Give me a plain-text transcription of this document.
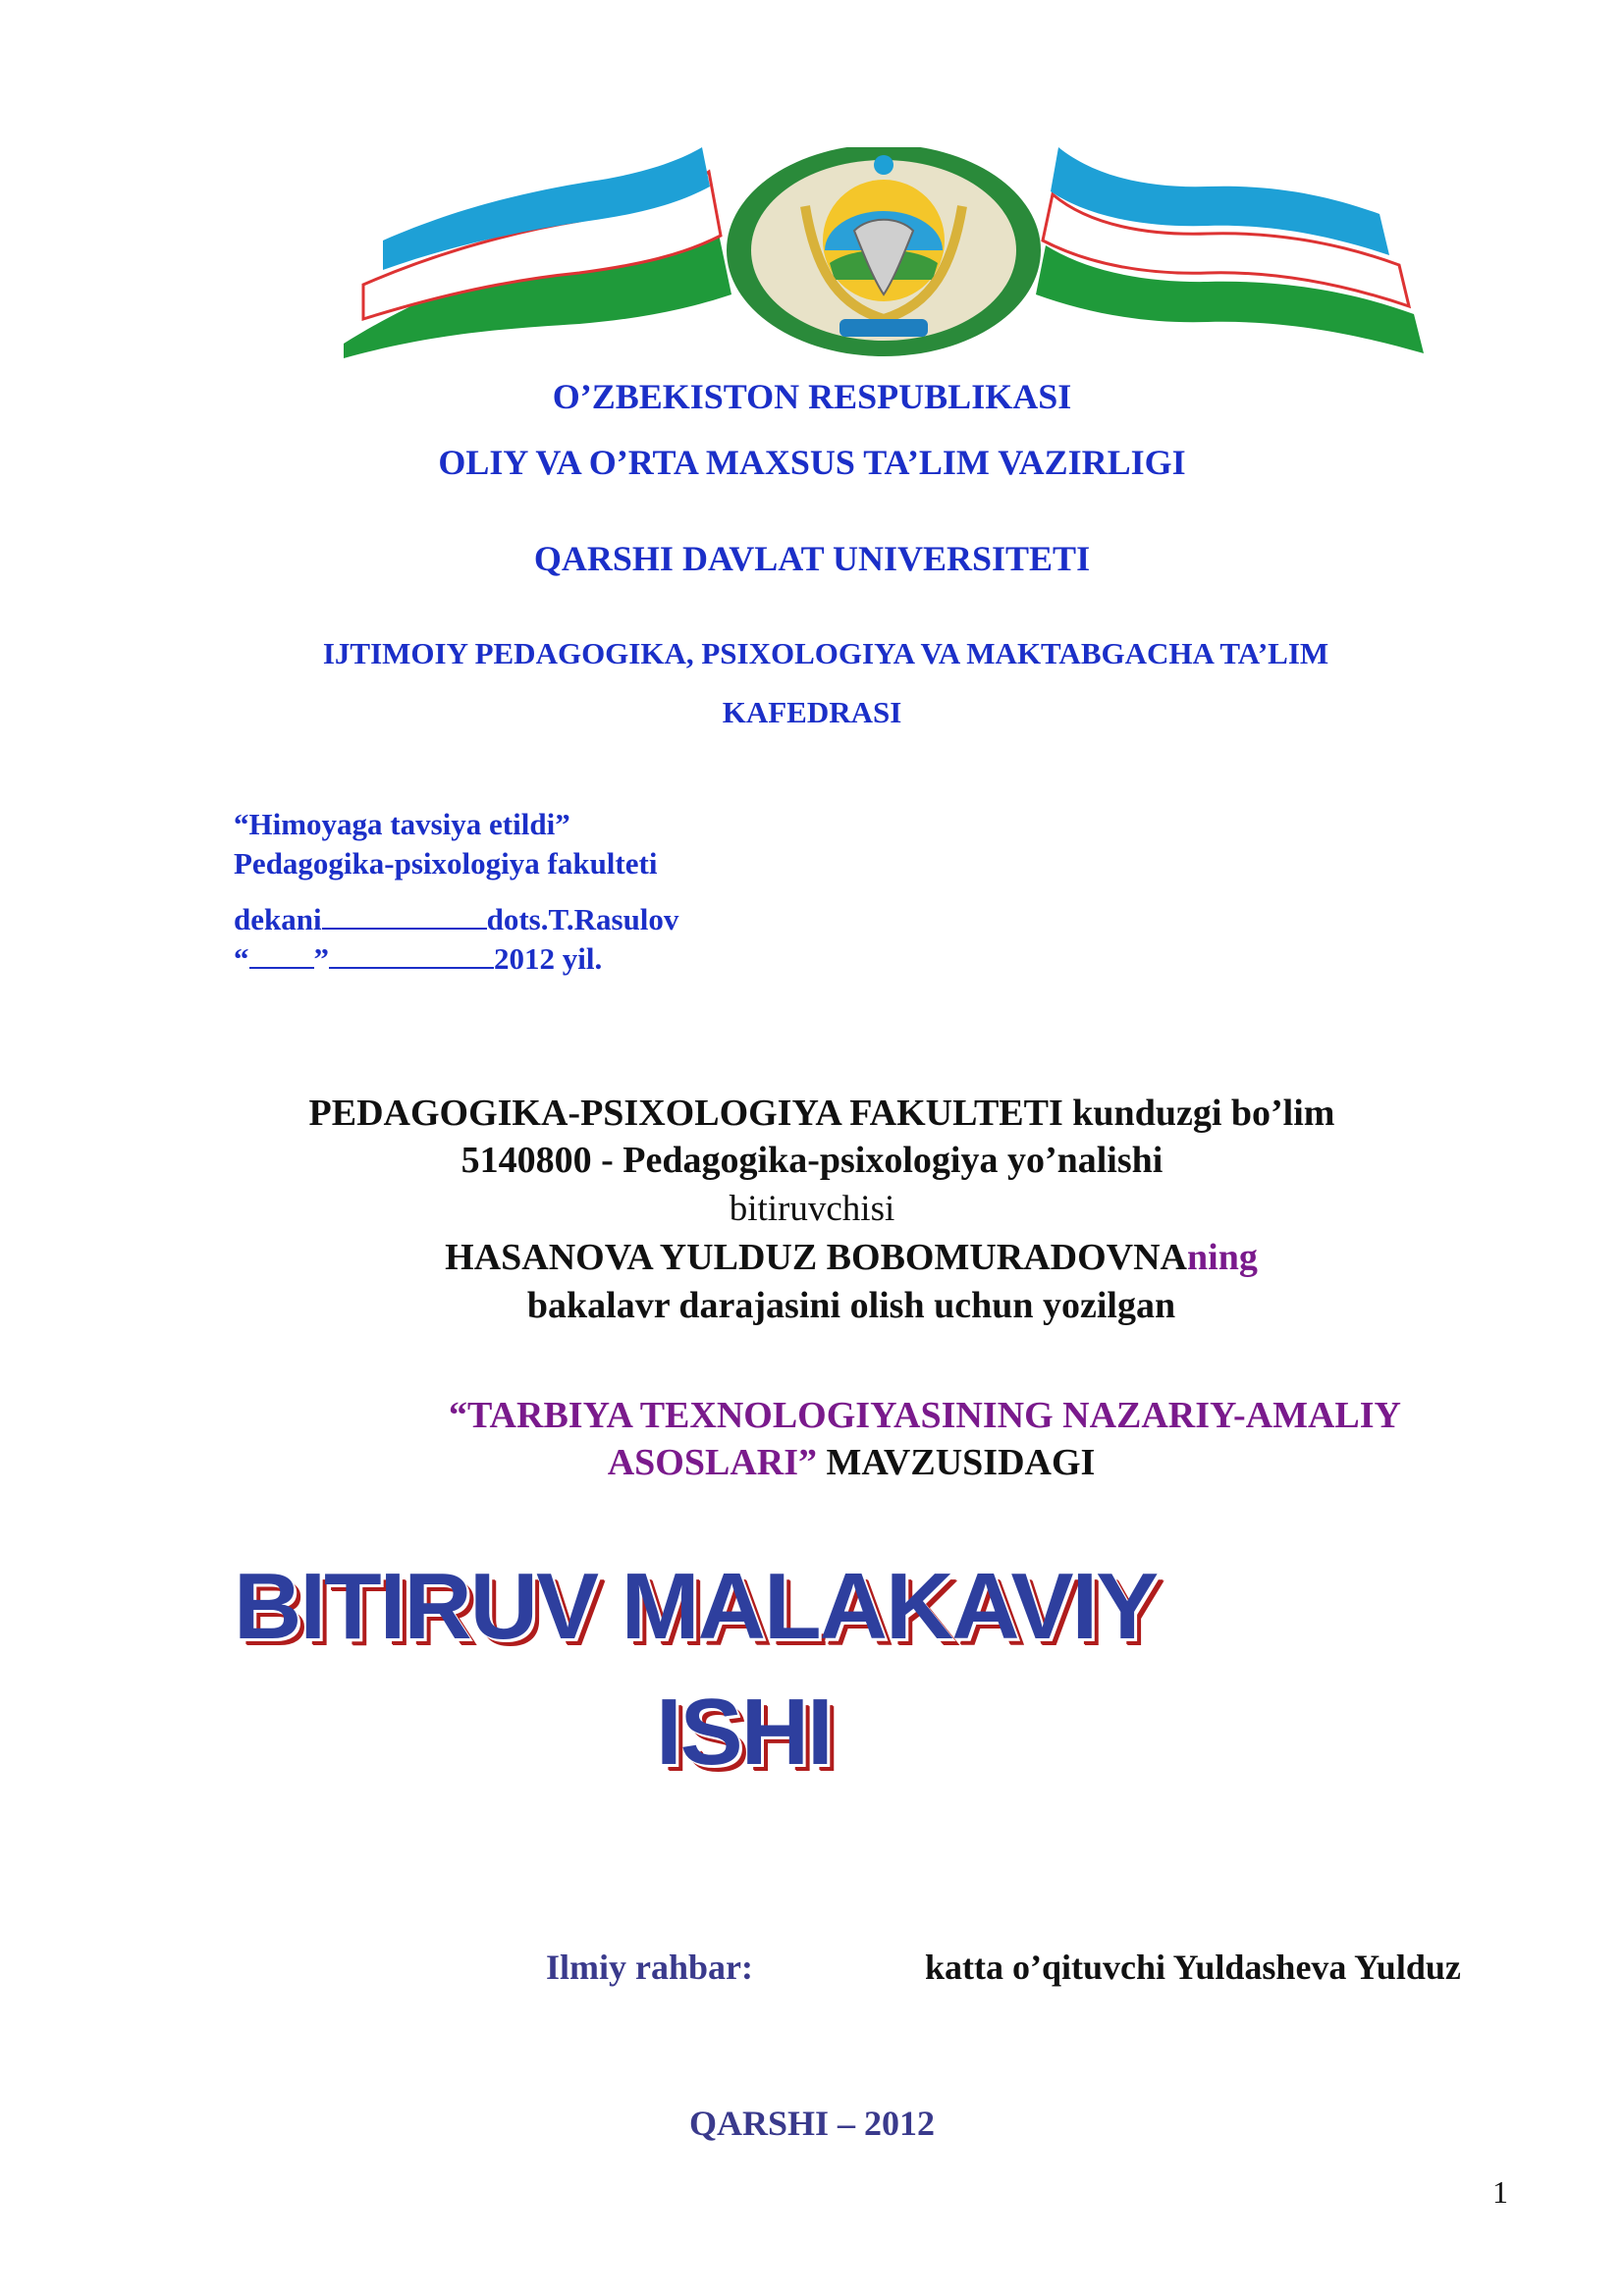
O’ZBEKISTON RESPUBLIKASI
OLIY VA O’RTA MAXSUS TA’LIM VAZIRLIGI
QARSHI DAVLAT UNIVERSITETI
IJTIMOIY PEDAGOGIKA, PSIXOLOGIYA VA MAKTABGACHA TA’LIM
KAFEDRASI
“Himoyaga tavsiya etildi”
Pedagogika-psixologiya fakulteti
dekani	dots.T.Rasulov
“ ”	2012 yil.
PEDAGOGIKA-PSIXOLOGIYA FAKULTETI kunduzgi bo’lim
5140800 - Pedagogika-psixologiya yo’nalishi
bitiruvchisi
HASANOVA YULDUZ BOBOMURADOVNAning
bakalavr darajasini olish uchun yozilgan
“TARBIYA TEXNOLOGIYASINING NAZARIY-AMALIY
ASOSLARI” MAVZUSIDAGI
BITIRUV MALAKAVIY
ISHI
Ilmiy rahbar:	katta o’qituvchi Yuldasheva Yulduz
QARSHI – 2012
1
